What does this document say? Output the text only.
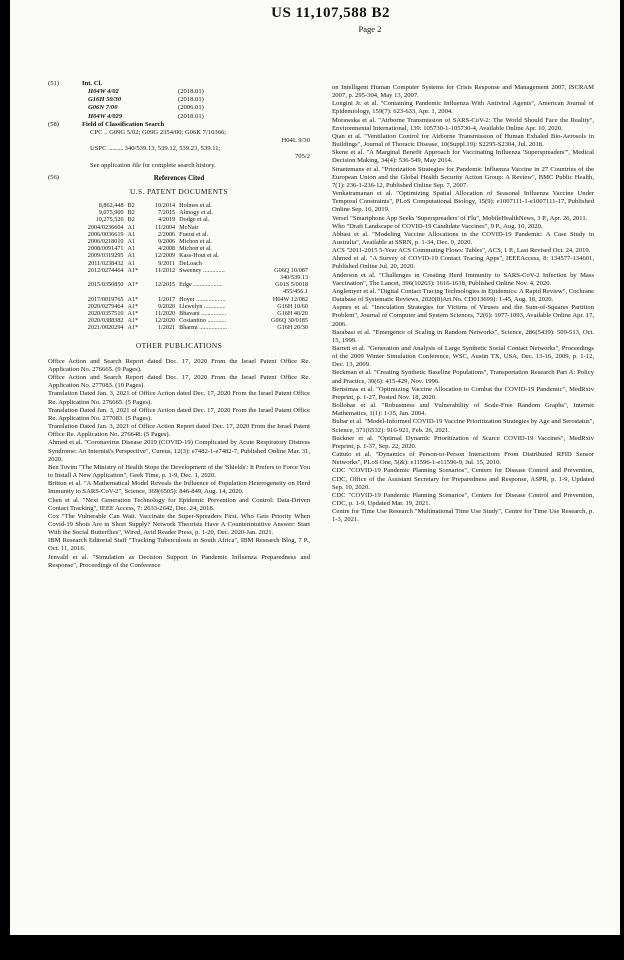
US 11,107,588 B2
Page 2
(51)	Int. Cl.
H04W 4/02	(2018.01)
G16H 50/30	(2018.01)
G06N 7/00	(2006.01)
H04W 4/029	(2018.01)
(58)	Field of Classification Search
CPC .. G09G 5/02; G09G 2354/00; G06K 7/10366;
H04L 9/30
USPC ........... 340/539.13, 539.12, 539.23, 539.11;
705/2
See application file for complete search history.
(56)	References Cited
U.S. PATENT DOCUMENTS
8,862,448	B2	10/2014	Holmes et al.	
9,075,909	B2	7/2015	Almogy et al.	
10,275,526	B2	4/2019	Dodge et al.	
2004/0236604	A1	11/2004	McNair	
2006/0036619	A1	2/2006	Fuerst et al.	
2006/0218010	A1	9/2006	Michon et al.	
2008/0091471	A1	4/2008	Michon et al.	
2009/0319295	A1	12/2009	Kass-Hout et al.	
2011/0238432	A1	9/2011	DeLoach	
2012/0274464	A1*	11/2012	Sweeney ..............	G06Q 10/087
				340/539.13
2015/0350850	A1*	12/2015	Edge ...................	G01S 5/0018
				455/456.1
2017/0019765	A1*	1/2017	Hoyer ...................	H04W 12/082
2020/0279464	A1*	9/2020	Llewelyn ..............	G16H 10/60
2020/0357510	A1*	11/2020	Bhavani ................	G16H 40/20
2020/0388382	A1*	12/2020	Costantino ............	G06Q 30/0185
2021/0020294	A1*	1/2021	Bharmi ..................	G16H 20/30
OTHER PUBLICATIONS

Office Action and Search Report dated Dec. 17, 2020 From the Israel Patent Office Re. Application No. 276665. (9 Pages).

Office Action and Search Report dated Dec. 17, 2020 From the Israel Patent Office Re. Application No. 277083. (10 Pages).

Translation Dated Jan. 3, 2021 of Office Action dated Dec. 17, 2020 From the Israel Patent Office Re. Application No. 276665. (5 Pages).

Translation Dated Jan. 3, 2021 of Office Action dated Dec. 17, 2020 From the Israel Patent Office Re. Application No. 277083. (5 Pages).

Translation Dated Jan. 3, 2021 of Office Action Report dated Dec. 17, 2020 From the Israel Patent Office Re. Application No. 276648. (5 Pages).

Ahmed et al. "Coronavirus Disease 2019 (COVID-19) Complicated by Acute Respiratory Distress Syndrome: An Internist's Perspective", Cureus, 12(3): e7482-1-e7482-7, Published Online Mar. 31, 2020.

Ben Tovim "The Ministry of Health Stops the Development of the 'Shields': It Prefers to Force You to Install A New Application", Geek Time, p. 1-9, Dec. 1, 2020.

Britton et al. "A Mathematical Model Reveals the Influence of Population Heterogeneity on Herd Immunity to SARS-CoV-2", Science, 369(6505): 846-849, Aug. 14, 2020.

Chen et al. "Next Generation Technology for Epidemic Prevention and Control: Data-Driven Contact Tracking", IEEE Access, 7: 2633-2642, Dec. 24, 2018.

Cox "The Vulnerable Can Wait. Vaccinate the Super-Spreaders First. Who Gets Priority When Covid-19 Shots Are in Short Supply? Network Theorists Have A Counterintuitive Answer: Start With the Social Butterflies", Wired, Avid Reader Press, p. 1-20, Dec. 2020-Jan. 2021.

IBM Research Editorial Staff "Tracking Tuberculosis in South Africa", IBM Research Blog, 7 P., Oct. 11, 2016.

Jenvald et al. "Simulation as Decision Support in Pandemic Influenza Preparedness and Response", Proceedings of the Conference

on Intelligent Human Computer Systems for Crisis Response and Management 2007, ISCRAM 2007, p. 295-304, May 13, 2007.

Longini Jr. et al. "Containing Pandemic Influenza With Antiviral Agents", American Journal of Epidemiology, 159(7): 623-633, Apr. 1, 2004.

Morawska et al. "Airborne Transmission of SARS-CoV-2: The World Should Face the Reality", Environmental International, 139: 105730-1-105730-4, Available Online Apr. 10, 2020.

Qian et al. "Ventilation Control for Airborne Transmission of Human Exhaled Bio-Aerosols in Buildings", Journal of Thoracic Disease, 10(Suppl.19): S2295-S2304, Jul. 2018.

Skene et al. "A Marginal Benefit Approach for Vaccinating Influenza 'Superspreaders'", Medical Decision Making, 34(4): 536-549, May 2014.

Straetemans et al. "Priorization Strategies for Pandemic Influenza Vaccine in 27 Countries of the European Union and the Global Health Security Action Group: A Review", BMC Public Health, 7(1): 236-1-236-12, Published Online Sep. 7, 2007.

Venkatramanan et al. "Optimizing Spatial Allocation of Seasonal Influenza Vaccine Under Temporal Constraints", PLoS Computational Biology, 15(9): e1007111-1-e1007111-17, Published Online Sep. 16, 2019.

Versel "Smartphone App Seeks 'Superspreaders' of Flu", MobileHealthNews, 3 P., Apr. 26, 2011.

Who "Draft Landscape of COVID-19 Candidate Vaccines", 9 P., Aug. 10, 2020.

Abbasi et al. "Modeling Vaccine Allocations in the COVID-19 Pandemic: A Case Study in Australia", Available at SSRN, p. 1-34, Dec. 9, 2020.

ACS "2011-2015 5-Year ACS Commuting Flows: Tables", ACS, 1 P., Last Revised Oct. 24, 2019.

Ahmed et al. "A Survey of COVID-19 Contact Tracing Apps", IEEEAccess, 8: 134577-134601, Published Online Jul. 20, 2020.

Anderson et al. "Challenges in Creating Herd Immunity to SARS-CoV-2 Infection by Mass Vaccination", The Lancet, 396(10263): 1616-1618, Published Online Nov. 4, 2020.

Anglemyer et al. "Digital Contact Tracing Technologies in Epidemics: A Rapid Review", Cochrane Database of Systematic Reviews, 2020(8)Art.No. CD013699): 1-45, Aug. 18, 2020.

Aspnes et al. "Inoculation Strategies for Victims of Viruses and the Sum-of-Squares Partition Problem", Journal of Computer and System Sciences, 72(6): 1077-1093, Available Online Apr. 17, 2006.

Barabasi et al. "Emergence of Scaling in Random Networks", Science, 286(5439): 509-513, Oct. 15, 1999.

Barrett et al. "Generation and Analysis of Large Synthetic Social Contact Networks", Proceedings of the 2009 Winter Simulation Conference, WSC, Austin TX, USA, Dec. 13-16, 2009, p. 1-12, Dec. 13, 2009.

Beckman et al. "Creating Synthetic Baseline Populations", Transportation Research Part A: Policy and Practice, 30(6): 415-429, Nov. 1996.

Bertsimas et al. "Optimizing Vaccine Allocation to Combat the COVID-19 Pandemic", MedRxiv Preprint, p. 1-27, Posted Nov. 18, 2020.

Bollobas et al. "Robustness and Vulnerability of Scale-Free Random Graphs", Internet Mathematics, 1(1): 1-35, Jan. 2004.

Bubar et al. "Model-Informed COVID-19 Vaccine Prioritization Strategies by Age and Serostatus", Science, 371(6532): 916-921, Feb. 26, 2021.

Buckner et al. "Optimal Dynamic Prioritization of Scarce COVID-19 Vaccines", MedRxiv Preprint, p. 1-37, Sep. 22, 2020.

Cattuto et al. "Dynamics of Person-to-Person Interactions From Distributed RFID Sensor Networks", PLoS One, 5(&): e11596-1-e11596-9, Jul. 15, 2010.

CDC "COVID-19 Pandemic Planning Scenarios", Centers for Disease Control and Prevention, CDC, Office of the Assistant Secretary for Preparedness and Response, ASPR, p. 1-9, Updated Sep. 10, 2020.

CDC "COVID-19 Pandemic Planning Scenarios", Centers for Disease Control and Prevention, CDC, p. 1-9, Updated Mar. 19, 2021.

Centre for Time Use Research "Multinational Time Use Study", Centre for Time Use Research, p. 1-3, 2021.
